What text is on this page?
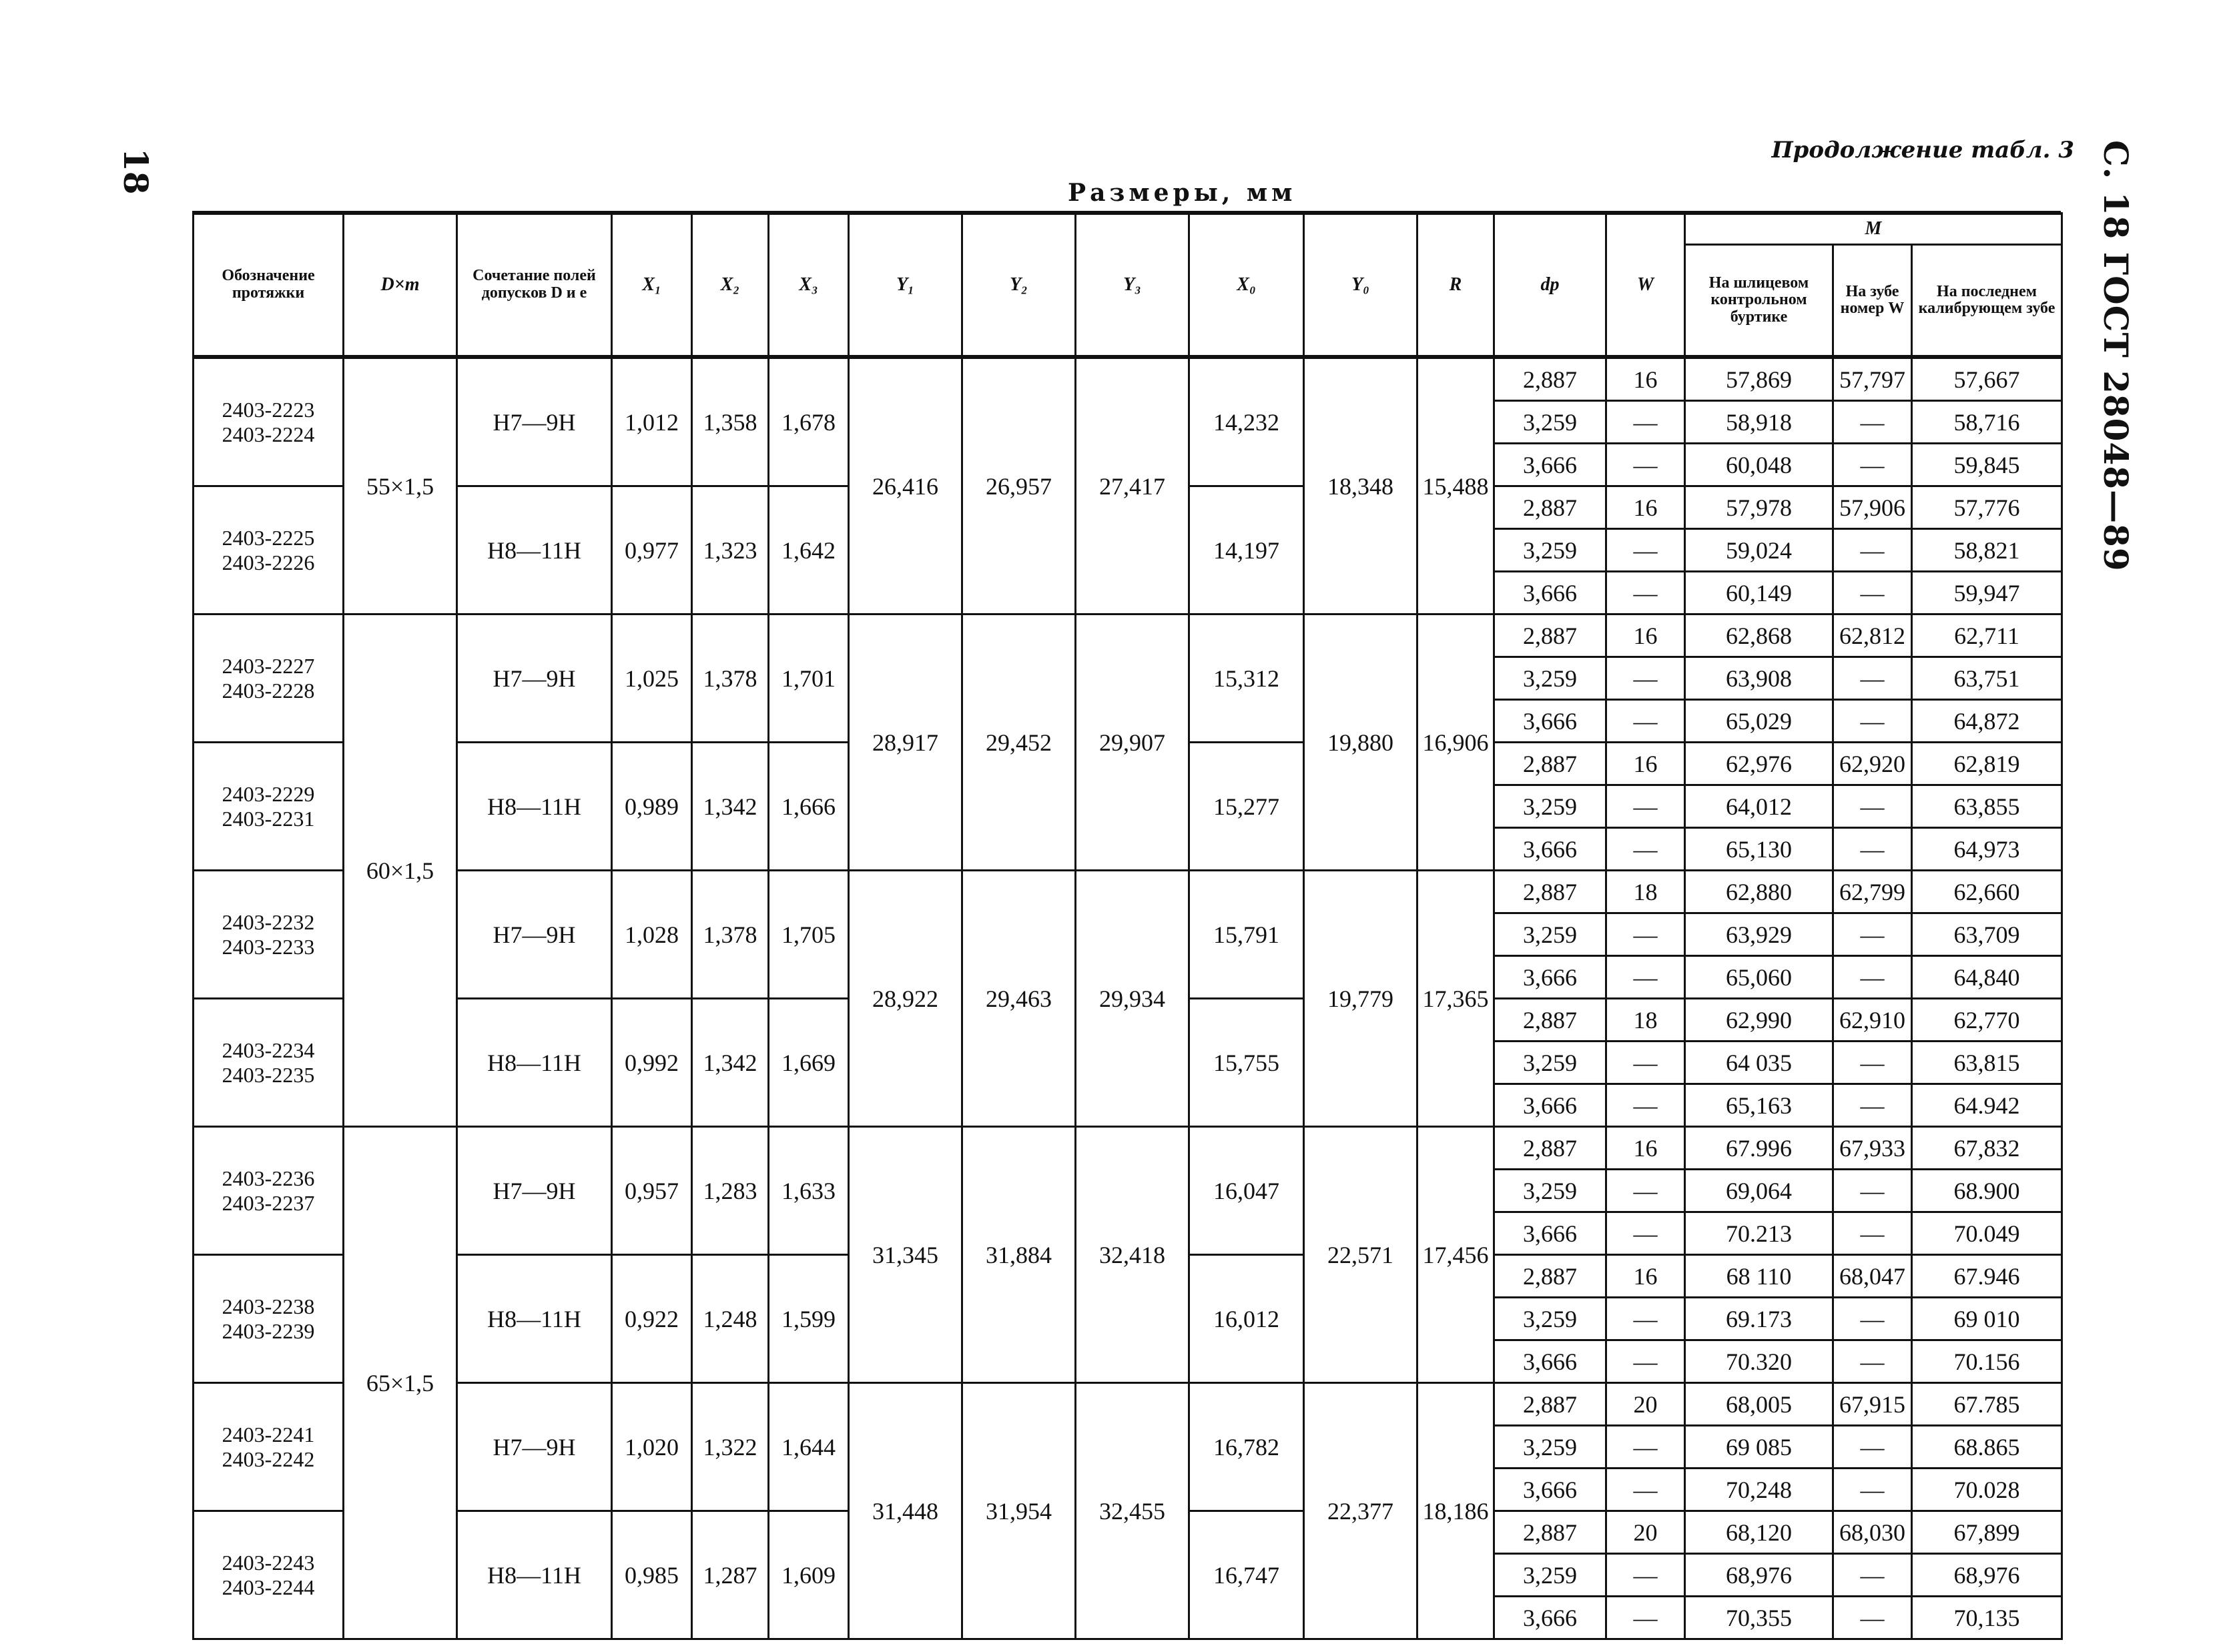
18	С. 18 ГОСТ 28048—89
Продолжение табл. 3
Размеры, мм
Обозначение протяжки	D×m	Сочетание полей допусков D и e	X₁	X₂	X₃	Y₁	Y₂	Y₃	X₀	Y₀	R	dр	W	M		
														На шлицевом контрольном буртике	На зубе номер W	На последнем калибрующем зубе

2403-2223
2403-2224	55×1,5	H7—9H	1,012	1,358	1,678	26,416	26,957	27,417	14,232	18,348	15,488	2,887	16	57,869	57,797	57,667
												3,259	—	58,918	—	58,716
												3,666	—	60,048	—	59,845

2403-2225
2403-2226		H8—11H	0,977	1,323	1,642				14,197			2,887	16	57,978	57,906	57,776
												3,259	—	59,024	—	58,821
												3,666	—	60,149	—	59,947

2403-2227
2403-2228	60×1,5	H7—9H	1,025	1,378	1,701	28,917	29,452	29,907	15,312	19,880	16,906	2,887	16	62,868	62,812	62,711
												3,259	—	63,908	—	63,751
												3,666	—	65,029	—	64,872

2403-2229
2403-2231		H8—11H	0,989	1,342	1,666				15,277			2,887	16	62,976	62,920	62,819
												3,259	—	64,012	—	63,855
												3,666	—	65,130	—	64,973

2403-2232
2403-2233		H7—9H	1,028	1,378	1,705	28,922	29,463	29,934	15,791	19,779	17,365	2,887	18	62,880	62,799	62,660
												3,259	—	63,929	—	63,709
												3,666	—	65,060	—	64,840

2403-2234
2403-2235		H8—11H	0,992	1,342	1,669				15,755			2,887	18	62,990	62,910	62,770
												3,259	—	64 035	—	63,815
												3,666	—	65,163	—	64.942

2403-2236
2403-2237	65×1,5	H7—9H	0,957	1,283	1,633	31,345	31,884	32,418	16,047	22,571	17,456	2,887	16	67.996	67,933	67,832
												3,259	—	69,064	—	68.900
												3,666	—	70.213	—	70.049

2403-2238
2403-2239		H8—11H	0,922	1,248	1,599				16,012			2,887	16	68 110	68,047	67.946
												3,259	—	69.173	—	69 010
												3,666	—	70.320	—	70.156

2403-2241
2403-2242		H7—9H	1,020	1,322	1,644	31,448	31,954	32,455	16,782	22,377	18,186	2,887	20	68,005	67,915	67.785
												3,259	—	69 085	—	68.865
												3,666	—	70,248	—	70.028

2403-2243
2403-2244		H8—11H	0,985	1,287	1,609				16,747			2,887	20	68,120	68,030	67,899
												3,259	—	68,976	—	68,976
												3,666	—	70,355	—	70,135
